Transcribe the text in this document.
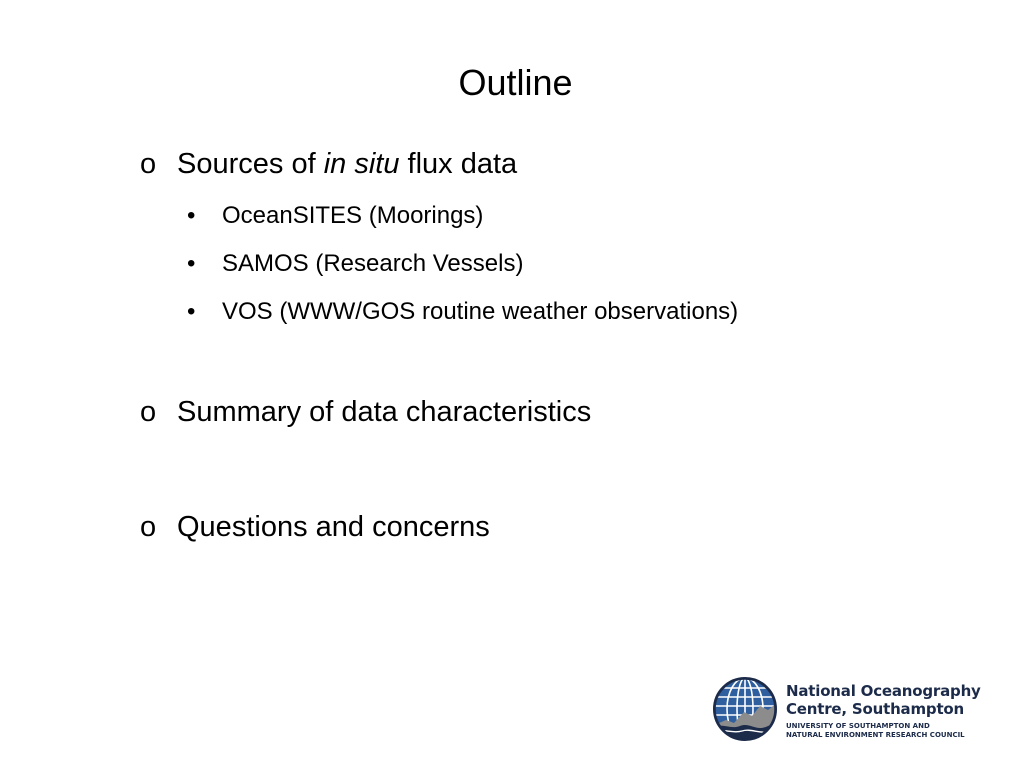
Outline
o Sources of in situ flux data
• OceanSITES (Moorings)
• SAMOS (Research Vessels)
• VOS (WWW/GOS routine weather observations)
o Summary of data characteristics
o Questions and concerns
National Oceanography
Centre, Southampton
UNIVERSITY OF SOUTHAMPTON AND
NATURAL ENVIRONMENT RESEARCH COUNCIL
